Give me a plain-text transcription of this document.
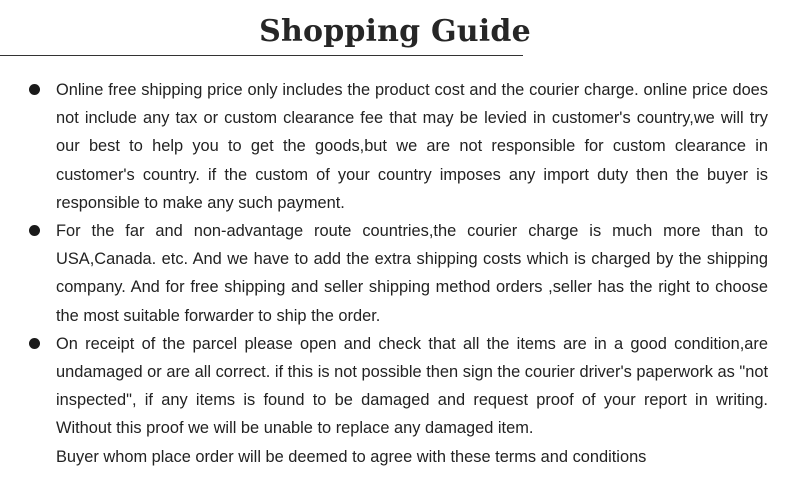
Shopping Guide

Online free shipping price only includes the product cost and the courier charge. online price does not include any tax or custom clearance fee that may be levied in customer's country,we will try our best to help you to get the goods,but we are not responsible for custom clearance in customer's country. if the custom of your country imposes any import duty then the buyer is responsible to make any such payment.

For the far and non-advantage route countries,the courier charge is much more than to USA,Canada. etc. And we have to add the extra shipping costs which is charged by the shipping company. And for free shipping and seller shipping method orders ,seller has the right to choose the most suitable forwarder to ship the order.

On receipt of the parcel please open and check that all the items are in a good condition,are undamaged or are all correct. if this is not possible then sign the courier driver's paperwork as "not inspected", if any items is found to be damaged and request proof of your report in writing. Without this proof we will be unable to replace any damaged item.

Buyer whom place order will be deemed to agree with these terms and conditions
